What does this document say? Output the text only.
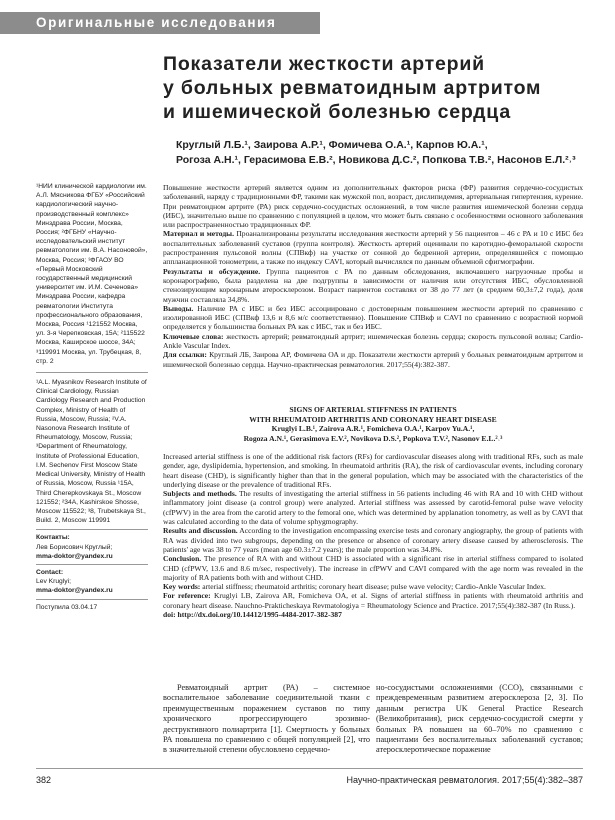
Оригинальные исследования
Показатели жесткости артерий
у больных ревматоидным артритом
и ишемической болезнью сердца
Круглый Л.Б.¹, Заирова А.Р.¹, Фомичева О.А.¹, Карпов Ю.А.¹,
Рогоза А.Н.¹, Герасимова Е.В.², Новикова Д.С.², Попкова Т.В.², Насонов Е.Л.²˒³

¹НИИ клинической кардиологии им. А.Л. Мясникова ФГБУ «Российский кардиологический научно-производственный комплекс» Минздрава России, Москва, Россия; ²ФГБНУ «Научно-исследовательский институт ревматологии им. В.А. Насоновой», Москва, Россия; ³ФГАОУ ВО «Первый Московский государственный медицинский университет им. И.М. Сеченова» Минздрава России, кафедра ревматологии Института профессионального образования, Москва, Россия ¹121552 Москва, ул. 3-я Черепковская, 15А; ²115522 Москва, Каширское шоссе, 34А; ³119991 Москва, ул. Трубецкая, 8, стр. 2

¹A.L. Myasnikov Research Institute of Clinical Cardiology, Russian Cardiology Research and Production Complex, Ministry of Health of Russia, Moscow, Russia; ²V.A. Nasonova Research Institute of Rheumatology, Moscow, Russia; ³Department of Rheumatology, Institute of Professional Education, I.M. Sechenov First Moscow State Medical University, Ministry of Health of Russia, Moscow, Russia ¹15A, Third Cherepkovskaya St., Moscow 121552; ²34A, Kashirskoe Shosse, Moscow 115522; ³8, Trubetskaya St., Build. 2, Moscow 119991

Контакты:

Лев Борисович Круглый;

mma-doktor@yandex.ru

Contact:

Lev Kruglyi;

mma-doktor@yandex.ru

Поступила 03.04.17

Повышение жесткости артерий является одним из дополнительных факторов риска (ФР) развития сердечно-сосудистых заболеваний, наряду с традиционными ФР, такими как мужской пол, возраст, дислипидемия, артериальная гипертензия, курение. При ревматоидном артрите (РА) риск сердечно-сосудистых осложнений, в том числе развития ишемической болезни сердца (ИБС), значительно выше по сравнению с популяцией в целом, что может быть связано с особенностями основного заболевания или распространенностью традиционных ФР.

Материал и методы. Проанализированы результаты исследования жесткости артерий у 56 пациентов – 46 с РА и 10 с ИБС без воспалительных заболеваний суставов (группа контроля). Жесткость артерий оценивали по каротидно-феморальной скорости распространения пульсовой волны (СПВкф) на участке от сонной до бедренной артерии, определявшейся с помощью аппланационной тонометрии, а также по индексу CAVI, который вычислялся по данным объемной сфигмографии.

Результаты и обсуждение. Группа пациентов с РА по данным обследования, включавшего нагрузочные пробы и коронарографию, была разделена на две подгруппы в зависимости от наличия или отсутствия ИБС, обусловленной стенозирующим коронарным атеросклерозом. Возраст пациентов составлял от 38 до 77 лет (в среднем 60,3±7,2 года), доля мужчин составляла 34,8%.

Выводы. Наличие РА с ИБС и без ИБС ассоциировано с достоверным повышением жесткости артерий по сравнению с изолированной ИБС (СПВкф 13,6 и 8,6 м/с соответственно). Повышение СПВкф и CAVI по сравнению с возрастной нормой определяется у большинства больных РА как с ИБС, так и без ИБС.

Ключевые слова: жесткость артерий; ревматоидный артрит; ишемическая болезнь сердца; скорость пульсовой волны; Cardio-Ankle Vascular Index.

Для ссылки: Круглый ЛБ, Заирова АР, Фомичева ОА и др. Показатели жесткости артерий у больных ревматоидным артритом и ишемической болезнью сердца. Научно-практическая ревматология. 2017;55(4):382-387.

SIGNS OF ARTERIAL STIFFNESS IN PATIENTS
WITH RHEUMATOID ARTHRITIS AND CORONARY HEART DISEASE
Kruglyi L.B.¹, Zairova A.R.¹, Fomicheva O.A.¹, Karpov Yu.A.¹,
Rogoza A.N.¹, Gerasimova E.V.², Novikova D.S.², Popkova T.V.², Nasonov E.L.²˒³

Increased arterial stiffness is one of the additional risk factors (RFs) for cardiovascular diseases along with traditional RFs, such as male gender, age, dyslipidemia, hypertension, and smoking. In rheumatoid arthritis (RA), the risk of cardiovascular events, including coronary heart disease (CHD), is significantly higher than that in the general population, which may be associated with the characteristics of the underlying disease or the prevalence of traditional RFs.

Subjects and methods. The results of investigating the arterial stiffness in 56 patients including 46 with RA and 10 with CHD without inflammatory joint disease (a control group) were analyzed. Arterial stiffness was assessed by carotid-femoral pulse wave velocity (cfPWV) in the area from the carotid artery to the femoral one, which was determined by applanation tonometry, as well as by CAVI that was calculated according to the data of volume sphygmography.

Results and discussion. According to the investigation encompassing exercise tests and coronary angiography, the group of patients with RA was divided into two subgroups, depending on the presence or absence of coronary artery disease caused by atherosclerosis. The patients' age was 38 to 77 years (mean age 60.3±7.2 years); the male proportion was 34.8%.

Conclusion. The presence of RA with and without CHD is associated with a significant rise in arterial stiffness compared to isolated CHD (cfPWV, 13.6 and 8.6 m/sec, respectively). The increase in cfPWV and CAVI compared with the age norm was revealed in the majority of RA patients both with and without CHD.

Key words: arterial stiffness; rheumatoid arthritis; coronary heart disease; pulse wave velocity; Cardio-Ankle Vascular Index.

For reference: Kruglyi LB, Zairova AR, Fomicheva OA, et al. Signs of arterial stiffness in patients with rheumatoid arthritis and coronary heart disease. Nauchno-Prakticheskaya Revmatologiya = Rheumatology Science and Practice. 2017;55(4):382-387 (In Russ.).

doi: http://dx.doi.org/10.14412/1995-4484-2017-382-387

Ревматоидный артрит (РА) – системное воспалительное заболевание соединительной ткани с преимущественным поражением суставов по типу хронического прогрессирующего эрозивно-деструктивного полиартрита [1]. Смертность у больных РА повышена по сравнению с общей популяцией [2], что в значительной степени обусловлено сердечно-

но-сосудистыми осложнениями (ССО), связанными с преждевременным развитием атеросклероза [2, 3]. По данным регистра UK General Practice Research (Великобритания), риск сердечно-сосудистой смерти у больных РА повышен на 60–70% по сравнению с пациентами без воспалительных заболеваний суставов; атеросклеротическое поражение

382	Научно-практическая ревматология. 2017;55(4):382–387
